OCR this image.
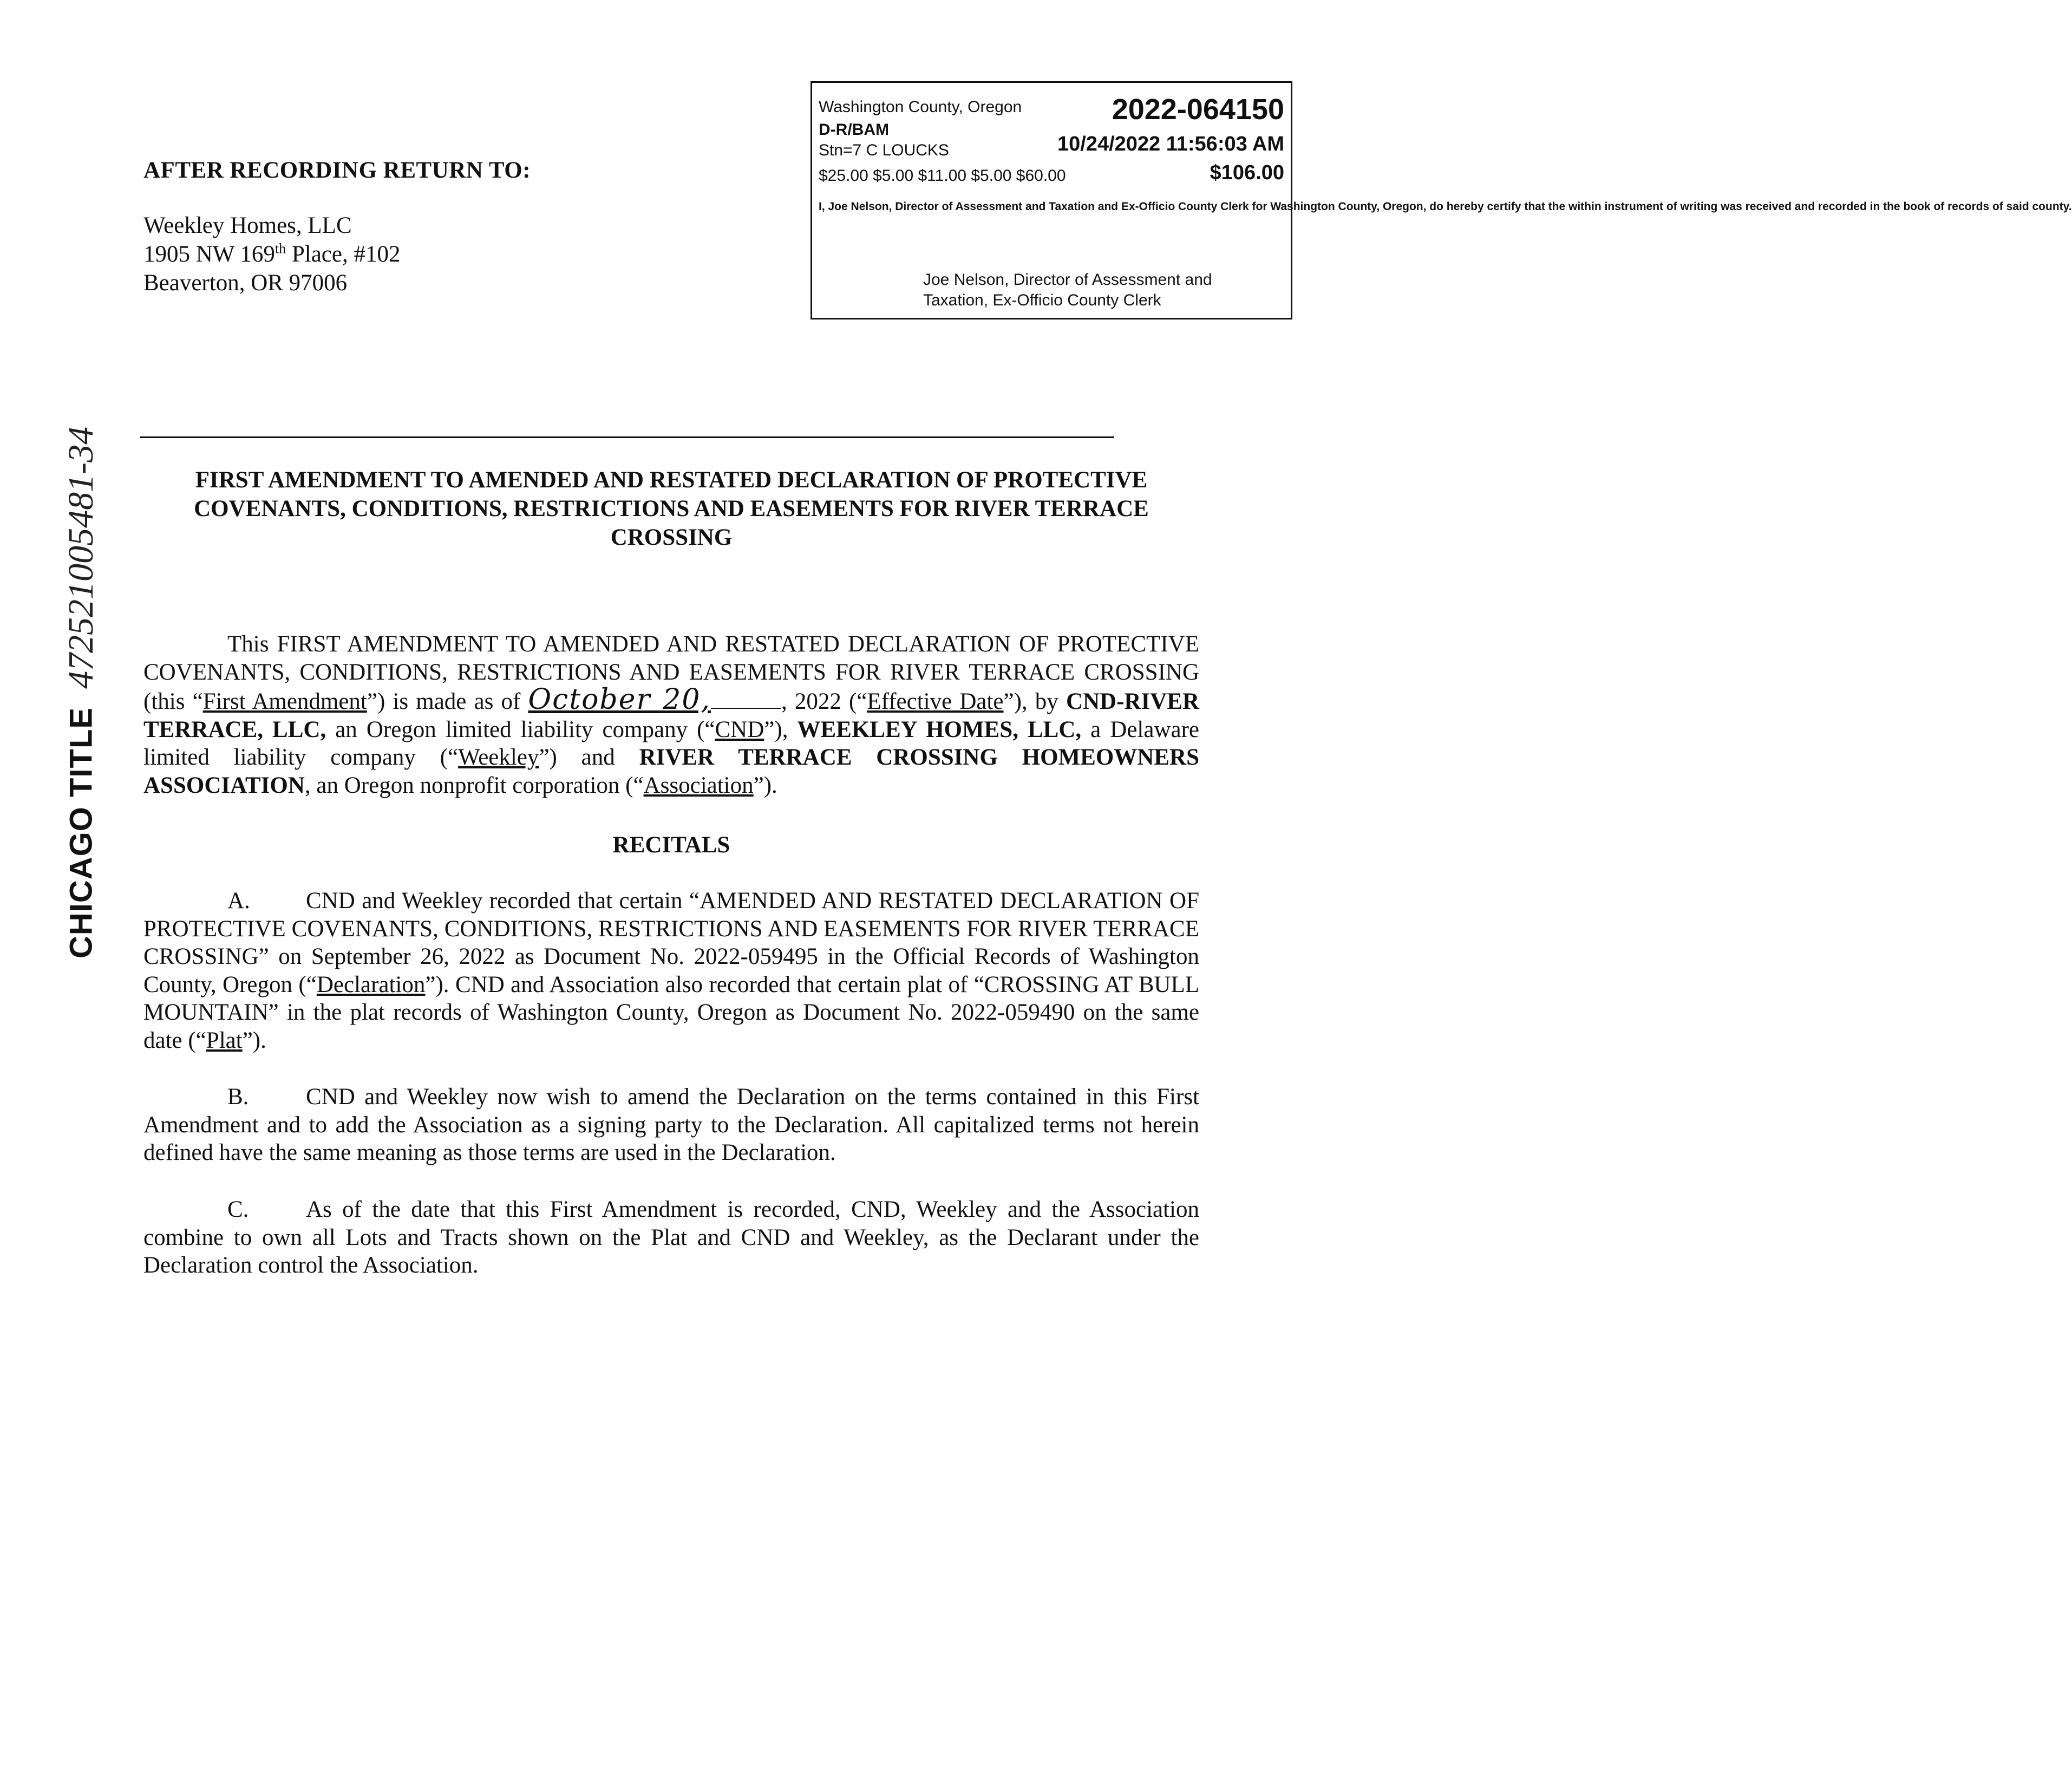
AFTER RECORDING RETURN TO:
Weekley Homes, LLC
1905 NW 169th Place, #102
Beaverton, OR 97006
Washington County, Oregon	2022-064150
D-R/BAM
Stn=7 C LOUCKS	10/24/2022 11:56:03 AM
$25.00 $5.00 $11.00 $5.00 $60.00	$106.00
I, Joe Nelson, Director of Assessment and Taxation and Ex-Officio County Clerk for Washington County, Oregon, do hereby certify that the within instrument of writing was received and recorded in the book of records of said county.
Joe Nelson, Director of Assessment and
Taxation, Ex-Officio County Clerk
CHICAGO TITLE 472521005481-34	FIRST AMENDMENT TO AMENDED AND RESTATED DECLARATION OF PROTECTIVE COVENANTS, CONDITIONS, RESTRICTIONS AND EASEMENTS FOR RIVER TERRACE CROSSING
This FIRST AMENDMENT TO AMENDED AND RESTATED DECLARATION OF PROTECTIVE COVENANTS, CONDITIONS, RESTRICTIONS AND EASEMENTS FOR RIVER TERRACE CROSSING (this “First Amendment”) is made as of October 20,	, 2022 (“Effective Date”), by CND-RIVER TERRACE, LLC, an Oregon limited liability company (“CND”), WEEKLEY HOMES, LLC, a Delaware limited liability company (“Weekley”) and RIVER TERRACE CROSSING HOMEOWNERS ASSOCIATION, an Oregon nonprofit corporation (“Association”).
RECITALS
A. CND and Weekley recorded that certain “AMENDED AND RESTATED DECLARATION OF PROTECTIVE COVENANTS, CONDITIONS, RESTRICTIONS AND EASEMENTS FOR RIVER TERRACE CROSSING” on September 26, 2022 as Document No. 2022-059495 in the Official Records of Washington County, Oregon (“Declaration”). CND and Association also recorded that certain plat of “CROSSING AT BULL MOUNTAIN” in the plat records of Washington County, Oregon as Document No. 2022-059490 on the same date (“Plat”).
B. CND and Weekley now wish to amend the Declaration on the terms contained in this First Amendment and to add the Association as a signing party to the Declaration. All capitalized terms not herein defined have the same meaning as those terms are used in the Declaration.
C. As of the date that this First Amendment is recorded, CND, Weekley and the Association combine to own all Lots and Tracts shown on the Plat and CND and Weekley, as the Declarant under the Declaration control the Association.
